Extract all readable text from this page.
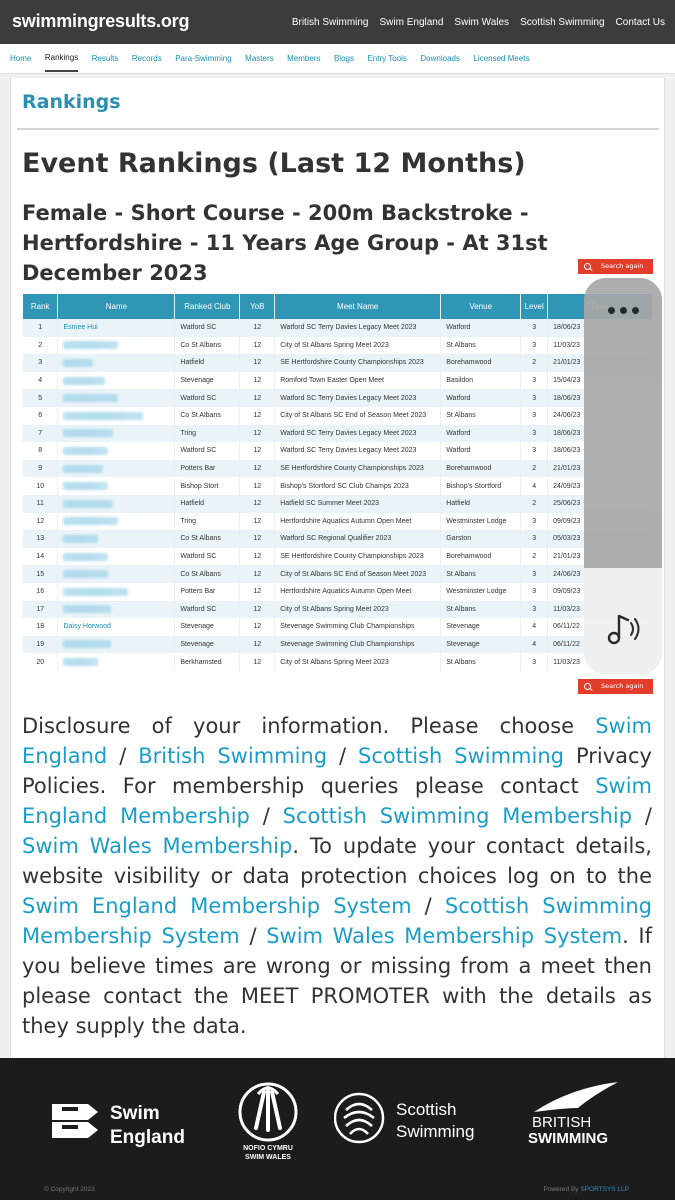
swimmingresults.org	British Swimming Swim England Swim Wales Scottish Swimming Contact Us
Home Rankings Results Records Para-Swimming Masters Members Blogs Entry Tools Downloads Licensed Meets
Rankings
Event Rankings (Last 12 Months)
Female - Short Course - 200m Backstroke - Hertfordshire - 11 Years Age Group - At 31st December 2023	Search again
Rank	Name	Ranked Club	YoB	Meet Name	Venue	Level	
1	Esmee Hui	Watford SC	12	Watford SC Terry Davies Legacy Meet 2023	Watford	3	18/06/23
2		Co St Albans	12	City of St Albans Spring Meet 2023	St Albans	3	11/03/23
3		Hatfield	12	SE Hertfordshire County Championships 2023	Borehamwood	2	21/01/23
4		Stevenage	12	Romford Town Easter Open Meet	Basildon	3	15/04/23
5		Watford SC	12	Watford SC Terry Davies Legacy Meet 2023	Watford	3	18/06/23
6		Co St Albans	12	City of St Albans SC End of Season Meet 2023	St Albans	3	24/06/23
7		Tring	12	Watford SC Terry Davies Legacy Meet 2023	Watford	3	18/06/23
8		Watford SC	12	Watford SC Terry Davies Legacy Meet 2023	Watford	3	18/06/23
9		Potters Bar	12	SE Hertfordshire County Championships 2023	Borehamwood	2	21/01/23
10		Bishop Stort	12	Bishop's Stortford SC Club Champs 2023	Bishop's Stortford	4	24/09/23
11		Hatfield	12	Hatfield SC Summer Meet 2023	Hatfield	2	25/06/23
12		Tring	12	Hertfordshire Aquatics Autumn Open Meet	Westminster Lodge	3	09/09/23
13		Co St Albans	12	Watford SC Regional Qualifier 2023	Garston	3	05/03/23
14		Watford SC	12	SE Hertfordshire County Championships 2023	Borehamwood	2	21/01/23
15		Co St Albans	12	City of St Albans SC End of Season Meet 2023	St Albans	3	24/06/23
16		Potters Bar	12	Hertfordshire Aquatics Autumn Open Meet	Westminster Lodge	3	09/09/23
17		Watford SC	12	City of St Albans Spring Meet 2023	St Albans	3	11/03/23
18	Daisy Horwood	Stevenage	12	Stevenage Swimming Club Championships	Stevenage	4	06/11/22
19		Stevenage	12	Stevenage Swimming Club Championships	Stevenage	4	06/11/22
20		Berkhamsted	12	City of St Albans Spring Meet 2023	St Albans	3	11/03/23
Search again
Disclosure of your information. Please choose Swim England / British Swimming / Scottish Swimming Privacy Policies. For membership queries please contact Swim England Membership / Scottish Swimming Membership / Swim Wales Membership. To update your contact details, website visibility or data protection choices log on to the Swim England Membership System / Scottish Swimming Membership System / Swim Wales Membership System. If you believe times are wrong or missing from a meet then please contact the MEET PROMOTER with the details as they supply the data.
Swim
England
NOFIO CYMRU
SWIM WALES
Scottish
Swimming	BRITISH
SWIMMING
© Copyright 2023	Powered By SPORTSYS LLP
